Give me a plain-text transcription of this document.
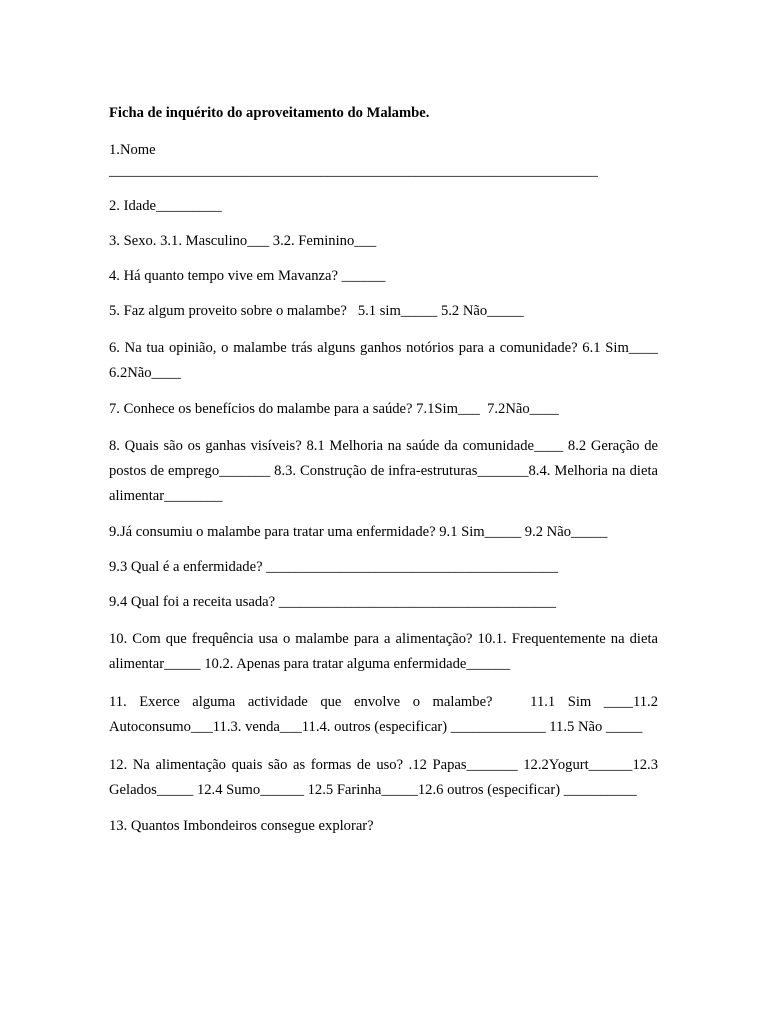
Ficha de inquérito do aproveitamento do Malambe.

1.Nome

___________________________________________________________________

2. Idade_________

3. Sexo. 3.1. Masculino___ 3.2. Feminino___

4. Há quanto tempo vive em Mavanza? ______

5. Faz algum proveito sobre o malambe?   5.1 sim_____ 5.2 Não_____

6. Na tua opinião, o malambe trás alguns ganhos notórios para a comunidade? 6.1 Sim____ 6.2Não____

7. Conhece os benefícios do malambe para a saúde? 7.1Sim___  7.2Não____

8. Quais são os ganhas visíveis? 8.1 Melhoria na saúde da comunidade____ 8.2 Geração de postos de emprego_______ 8.3. Construção de infra-estruturas_______8.4. Melhoria na dieta alimentar________

9.Já consumiu o malambe para tratar uma enfermidade? 9.1 Sim_____ 9.2 Não_____

9.3 Qual é a enfermidade? ________________________________________

9.4 Qual foi a receita usada? ______________________________________

10. Com que frequência usa o malambe para a alimentação? 10.1. Frequentemente na dieta alimentar_____ 10.2. Apenas para tratar alguma enfermidade______

11. Exerce alguma actividade que envolve o malambe?   11.1 Sim ____11.2 Autoconsumo___11.3. venda___11.4. outros (especificar) _____________ 11.5 Não _____

12. Na alimentação quais são as formas de uso? .12 Papas_______ 12.2Yogurt______12.3 Gelados_____ 12.4 Sumo______ 12.5 Farinha_____12.6 outros (especificar) __________

13. Quantos Imbondeiros consegue explorar?
